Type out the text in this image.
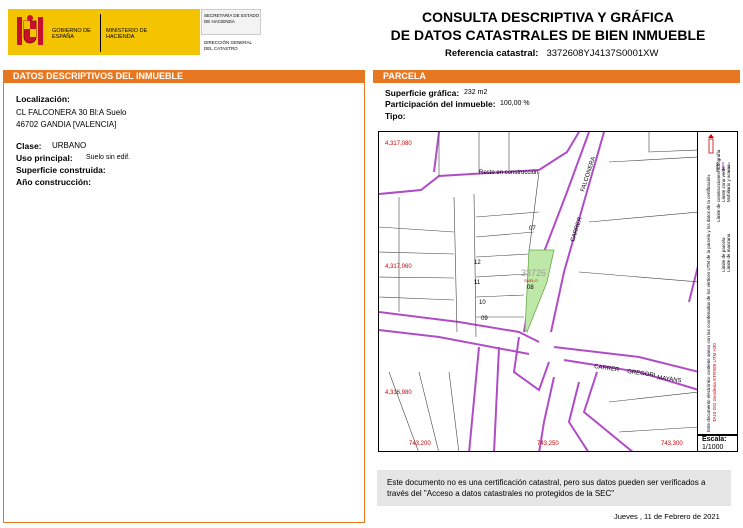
GOBIERNO DE ESPAÑA
MINISTERIO DE HACIENDA
SECRETARÍA DE ESTADO DE HACIENDA
DIRECCIÓN GENERAL DEL CATASTRO
CONSULTA DESCRIPTIVA Y GRÁFICA
DE DATOS CATASTRALES DE BIEN INMUEBLE
Referencia catastral: 3372608YJ4137S0001XW
DATOS DESCRIPTIVOS DEL INMUEBLE
Localización:
CL FALCONERA 30 Bl:A Suelo
46702 GANDIA [VALENCIA]
Clase: URBANO
Uso principal: Suelo sin edif.
Superficie construida:
Año construcción:
PARCELA
Superficie gráfica: 232 m2
Participación del inmueble: 100,00 %
Tipo:
Resto en construcción	FALCONERA
CARRER
CARRER
GREGORI
MAYANS
07
12
11
10
09
08
33726
SUELO
4,317,080
4,317,060
4,316,980
743,200	743,250	743,300
Límite de manzana
Límite de parcela
Límite de construcciones Mobiliario y aceras
Límite zona verde
Hidrografía
Este documento electrónico contiene anexo con las coordenadas de los vértices UTM de la parcela y los datos de la certificación. TA10 ISO Geodesia ETRS89 UTM H30
Escala:
1/1000
Este documento no es una certificación catastral, pero sus datos pueden ser verificados a
través del "Acceso a datos catastrales no protegidos de la SEC"
Jueves , 11 de Febrero de 2021
